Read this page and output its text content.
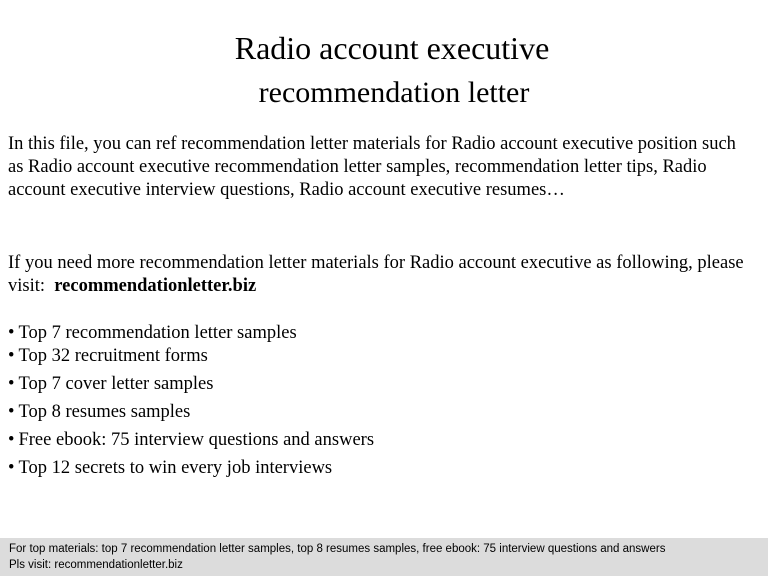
Radio account executive
recommendation letter
In this file, you can ref recommendation letter materials for Radio account executive position such as Radio account executive recommendation letter samples, recommendation letter tips, Radio account executive interview questions, Radio account executive resumes…
If you need more recommendation letter materials for Radio account executive as following, please visit: recommendationletter.biz
• Top 7 recommendation letter samples
• Top 32 recruitment forms
• Top 7 cover letter samples
• Top 8 resumes samples
• Free ebook: 75 interview questions and answers
• Top 12 secrets to win every job interviews
For top materials: top 7 recommendation letter samples, top 8 resumes samples, free ebook: 75 interview questions and answers
Pls visit: recommendationletter.biz
